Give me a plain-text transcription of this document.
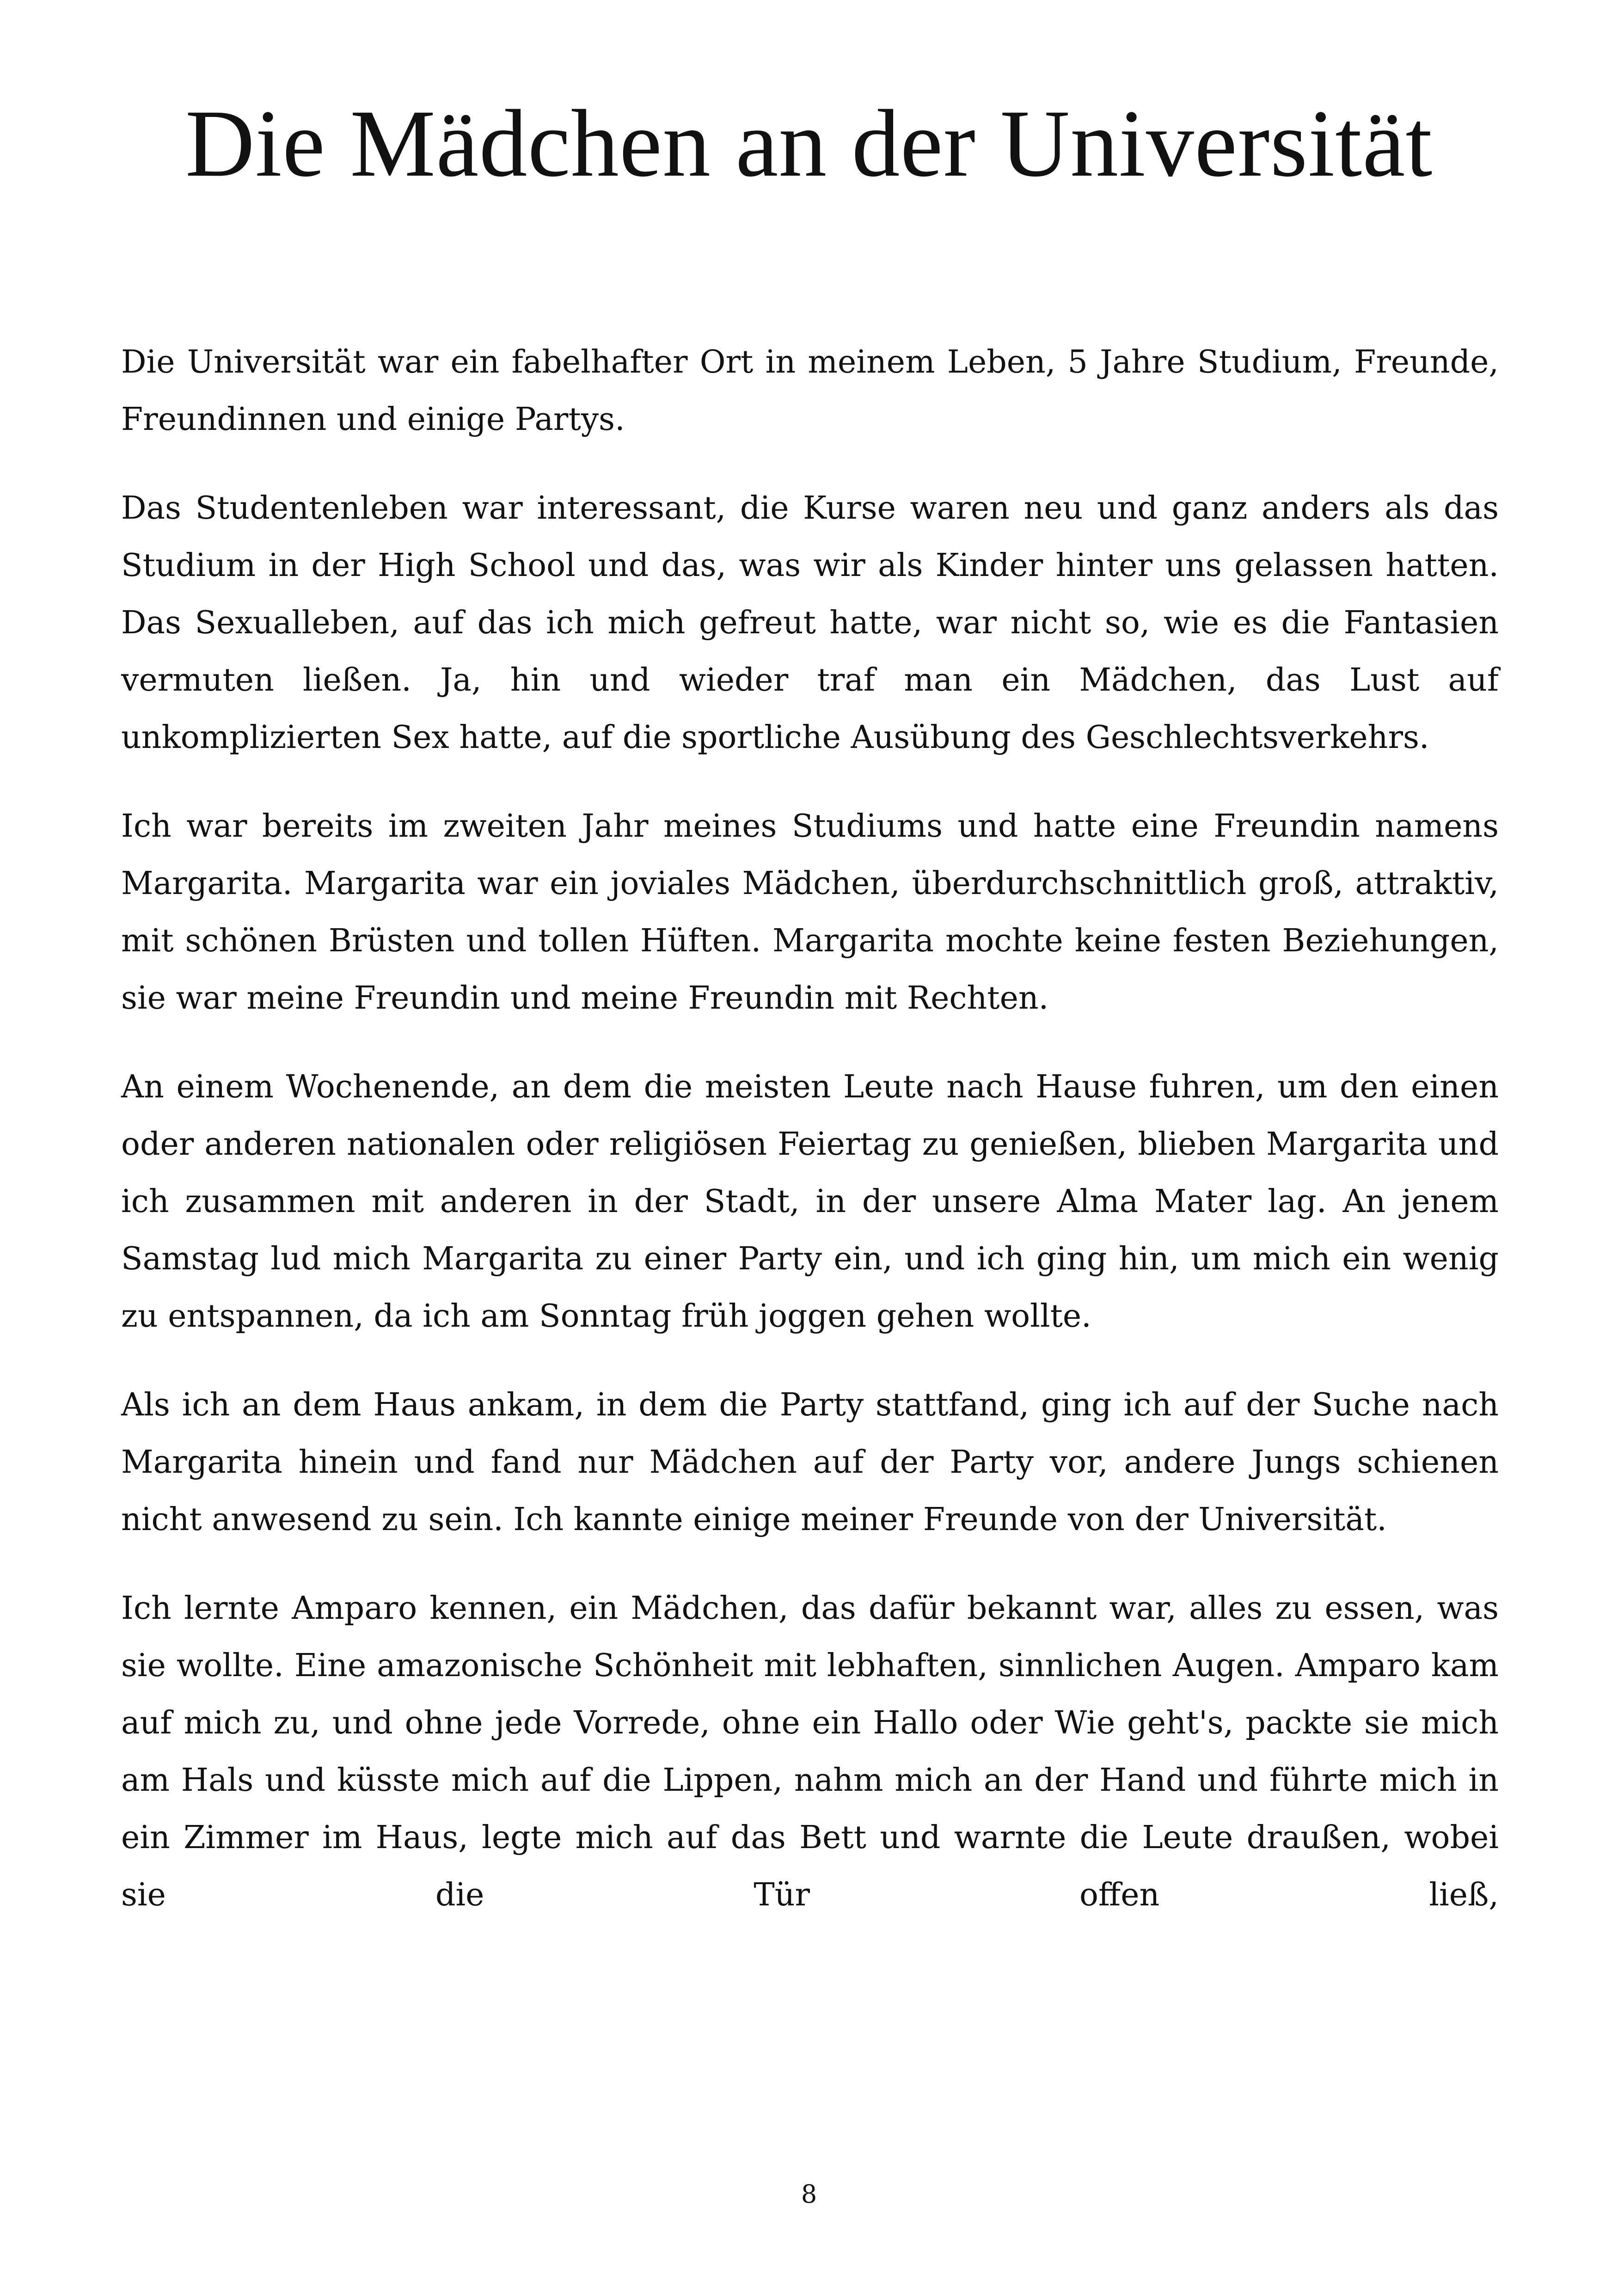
Die Mädchen an der Universität

Die Universität war ein fabelhafter Ort in meinem Leben, 5 Jahre Studium, Freunde, Freundinnen und einige Partys.

Das Studentenleben war interessant, die Kurse waren neu und ganz anders als das Studium in der High School und das, was wir als Kinder hinter uns gelassen hatten. Das Sexualleben, auf das ich mich gefreut hatte, war nicht so, wie es die Fantasien vermuten ließen. Ja, hin und wieder traf man ein Mädchen, das Lust auf unkomplizierten Sex hatte, auf die sportliche Ausübung des Geschlechtsverkehrs.

Ich war bereits im zweiten Jahr meines Studiums und hatte eine Freundin namens Margarita. Margarita war ein joviales Mädchen, überdurchschnittlich groß, attraktiv, mit schönen Brüsten und tollen Hüften. Margarita mochte keine festen Beziehungen, sie war meine Freundin und meine Freundin mit Rechten.

An einem Wochenende, an dem die meisten Leute nach Hause fuhren, um den einen oder anderen nationalen oder religiösen Feiertag zu genießen, blieben Margarita und ich zusammen mit anderen in der Stadt, in der unsere Alma Mater lag. An jenem Samstag lud mich Margarita zu einer Party ein, und ich ging hin, um mich ein wenig zu entspannen, da ich am Sonntag früh joggen gehen wollte.

Als ich an dem Haus ankam, in dem die Party stattfand, ging ich auf der Suche nach Margarita hinein und fand nur Mädchen auf der Party vor, andere Jungs schienen nicht anwesend zu sein. Ich kannte einige meiner Freunde von der Universität.

Ich lernte Amparo kennen, ein Mädchen, das dafür bekannt war, alles zu essen, was sie wollte. Eine amazonische Schönheit mit lebhaften, sinnlichen Augen. Amparo kam auf mich zu, und ohne jede Vorrede, ohne ein Hallo oder Wie geht's, packte sie mich am Hals und küsste mich auf die Lippen, nahm mich an der Hand und führte mich in ein Zimmer im Haus, legte mich auf das Bett und warnte die Leute draußen, wobei sie die Tür offen ließ,

8
